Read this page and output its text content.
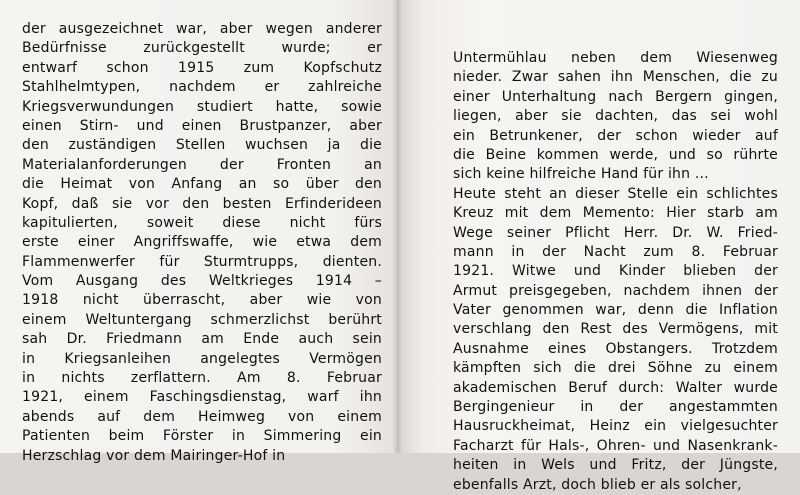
der ausgezeichnet war, aber wegen anderer
Bedürfnisse zurückgestellt wurde; er
entwarf schon 1915 zum Kopfschutz
Stahlhelmtypen, nachdem er zahlreiche
Kriegsverwundungen studiert hatte, sowie
einen Stirn- und einen Brustpanzer, aber
den zuständigen Stellen wuchsen ja die
Materialanforderungen der Fronten an
die Heimat von Anfang an so über den
Kopf, daß sie vor den besten Erfinderideen
kapitulierten, soweit diese nicht fürs
erste einer Angriffswaffe, wie etwa dem
Flammenwerfer für Sturmtrupps, dienten.
Vom Ausgang des Weltkrieges 1914 –
1918 nicht überrascht, aber wie von
einem Weltuntergang schmerzlichst berührt
sah Dr. Friedmann am Ende auch sein
in Kriegsanleihen angelegtes Vermögen
in nichts zerflattern. Am 8. Februar
1921, einem Faschingsdienstag, warf ihn
abends auf dem Heimweg von einem
Patienten beim Förster in Simmering ein
Herzschlag vor dem Mairinger-Hof in
Untermühlau neben dem Wiesenweg
nieder. Zwar sahen ihn Menschen, die zu
einer Unterhaltung nach Bergern gingen,
liegen, aber sie dachten, das sei wohl
ein Betrunkener, der schon wieder auf
die Beine kommen werde, und so rührte
sich keine hilfreiche Hand für ihn ...
Heute steht an dieser Stelle ein schlichtes
Kreuz mit dem Memento: Hier starb am
Wege seiner Pflicht Herr. Dr. W. Fried-
mann in der Nacht zum 8. Februar
1921. Witwe und Kinder blieben der
Armut preisgegeben, nachdem ihnen der
Vater genommen war, denn die Inflation
verschlang den Rest des Vermögens, mit
Ausnahme eines Obstangers. Trotzdem
kämpften sich die drei Söhne zu einem
akademischen Beruf durch: Walter wurde
Bergingenieur in der angestammten
Hausruckheimat, Heinz ein vielgesuchter
Facharzt für Hals-, Ohren- und Nasenkrank-
heiten in Wels und Fritz, der Jüngste,
ebenfalls Arzt, doch blieb er als solcher,
